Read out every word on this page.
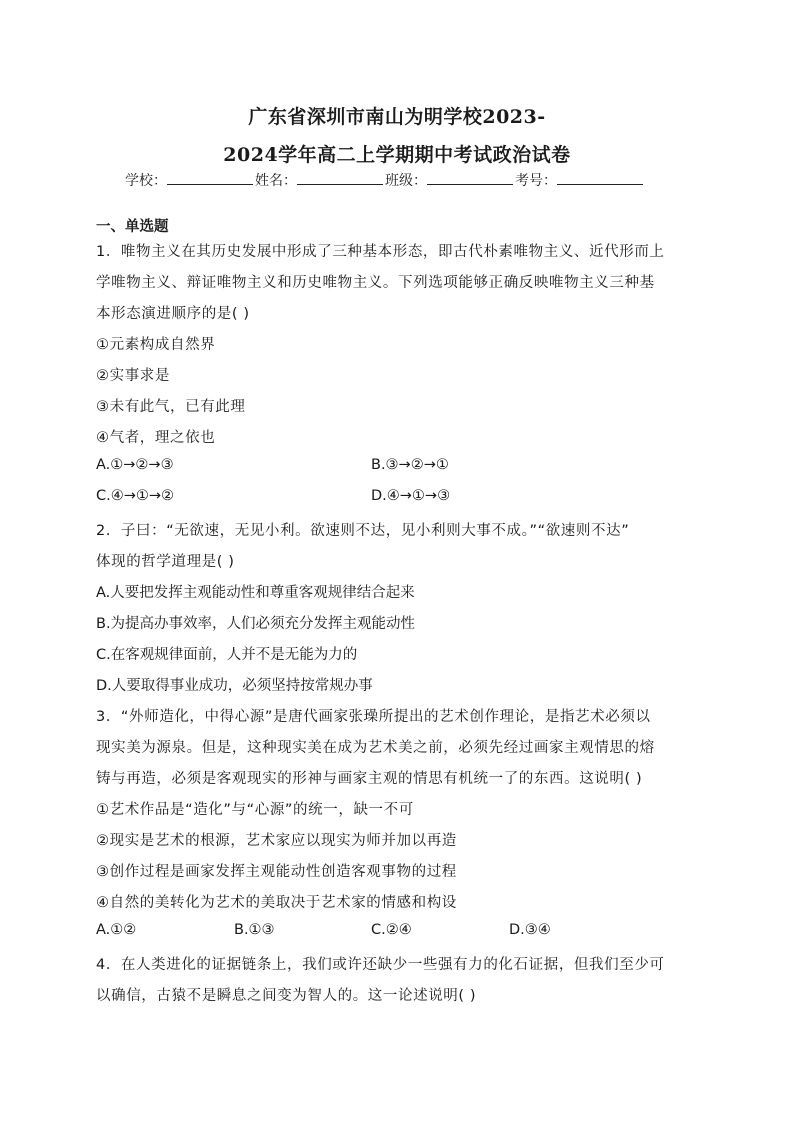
广东省深圳市南山为明学校2023-
2024学年高二上学期期中考试政治试卷
学校：	姓名：	班级：	考号：
一、单选题
1．唯物主义在其历史发展中形成了三种基本形态，即古代朴素唯物主义、近代形而上
学唯物主义、辩证唯物主义和历史唯物主义。下列选项能够正确反映唯物主义三种基
本形态演进顺序的是( )
①元素构成自然界
②实事求是
③未有此气，已有此理
④气者，理之依也
A.①→②→③	B.③→②→①
C.④→①→②	D.④→①→③
2．子曰：“无欲速，无见小利。欲速则不达，见小利则大事不成。”“欲速则不达”
体现的哲学道理是( )
A.人要把发挥主观能动性和尊重客观规律结合起来
B.为提高办事效率，人们必须充分发挥主观能动性
C.在客观规律面前，人并不是无能为力的
D.人要取得事业成功，必须坚持按常规办事
3．“外师造化，中得心源”是唐代画家张璪所提出的艺术创作理论，是指艺术必须以
现实美为源泉。但是，这种现实美在成为艺术美之前，必须先经过画家主观情思的熔
铸与再造，必须是客观现实的形神与画家主观的情思有机统一了的东西。这说明( )
①艺术作品是“造化”与“心源”的统一，缺一不可
②现实是艺术的根源，艺术家应以现实为师并加以再造
③创作过程是画家发挥主观能动性创造客观事物的过程
④自然的美转化为艺术的美取决于艺术家的情感和构设
A.①②	B.①③	C.②④	D.③④
4．在人类进化的证据链条上，我们或许还缺少一些强有力的化石证据，但我们至少可
以确信，古猿不是瞬息之间变为智人的。这一论述说明( )
